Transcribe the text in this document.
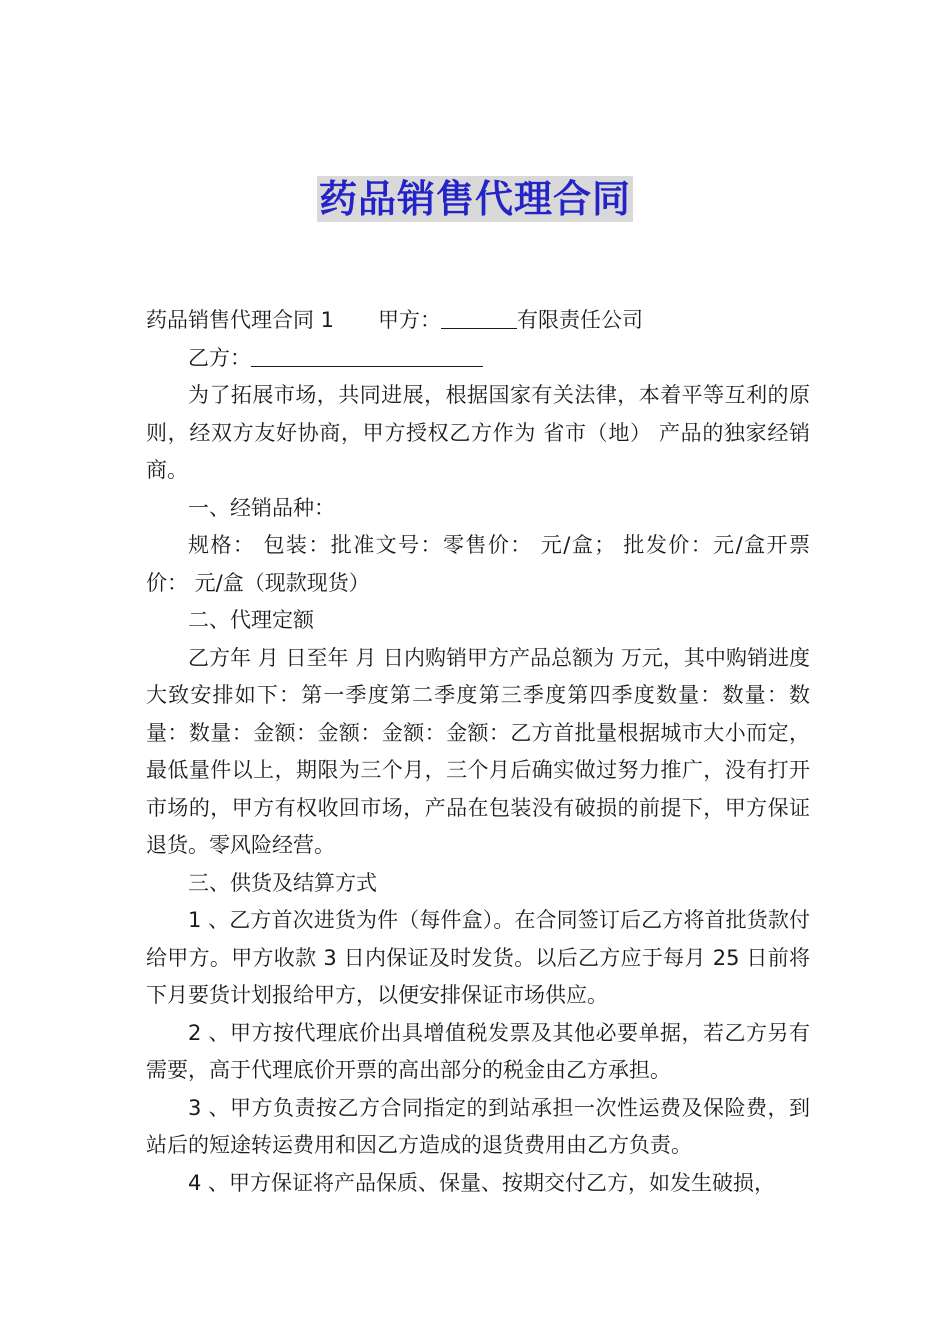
药品销售代理合同

药品销售代理合同 1 甲方：	有限责任公司

乙方：

为了拓展市场，共同进展，根据国家有关法律，本着平等互利的原则，经双方友好协商，甲方授权乙方作为 省市（地） 产品的独家经销商。

一、经销品种：

规格： 包装：批准文号：零售价： 元/盒； 批发价：元/盒开票价： 元/盒（现款现货）

二、代理定额

乙方年 月 日至年 月 日内购销甲方产品总额为 万元，其中购销进度大致安排如下：第一季度第二季度第三季度第四季度数量：数量：数量：数量：金额：金额：金额：金额：乙方首批量根据城市大小而定，最低量件以上，期限为三个月，三个月后确实做过努力推广，没有打开市场的，甲方有权收回市场，产品在包装没有破损的前提下，甲方保证退货。零风险经营。

三、供货及结算方式

1 、乙方首次进货为件（每件盒）。在合同签订后乙方将首批货款付给甲方。甲方收款 3 日内保证及时发货。以后乙方应于每月 25 日前将下月要货计划报给甲方，以便安排保证市场供应。

2 、甲方按代理底价出具增值税发票及其他必要单据，若乙方另有需要，高于代理底价开票的高出部分的税金由乙方承担。

3 、甲方负责按乙方合同指定的到站承担一次性运费及保险费，到站后的短途转运费用和因乙方造成的退货费用由乙方负责。

4 、甲方保证将产品保质、保量、按期交付乙方，如发生破损，
